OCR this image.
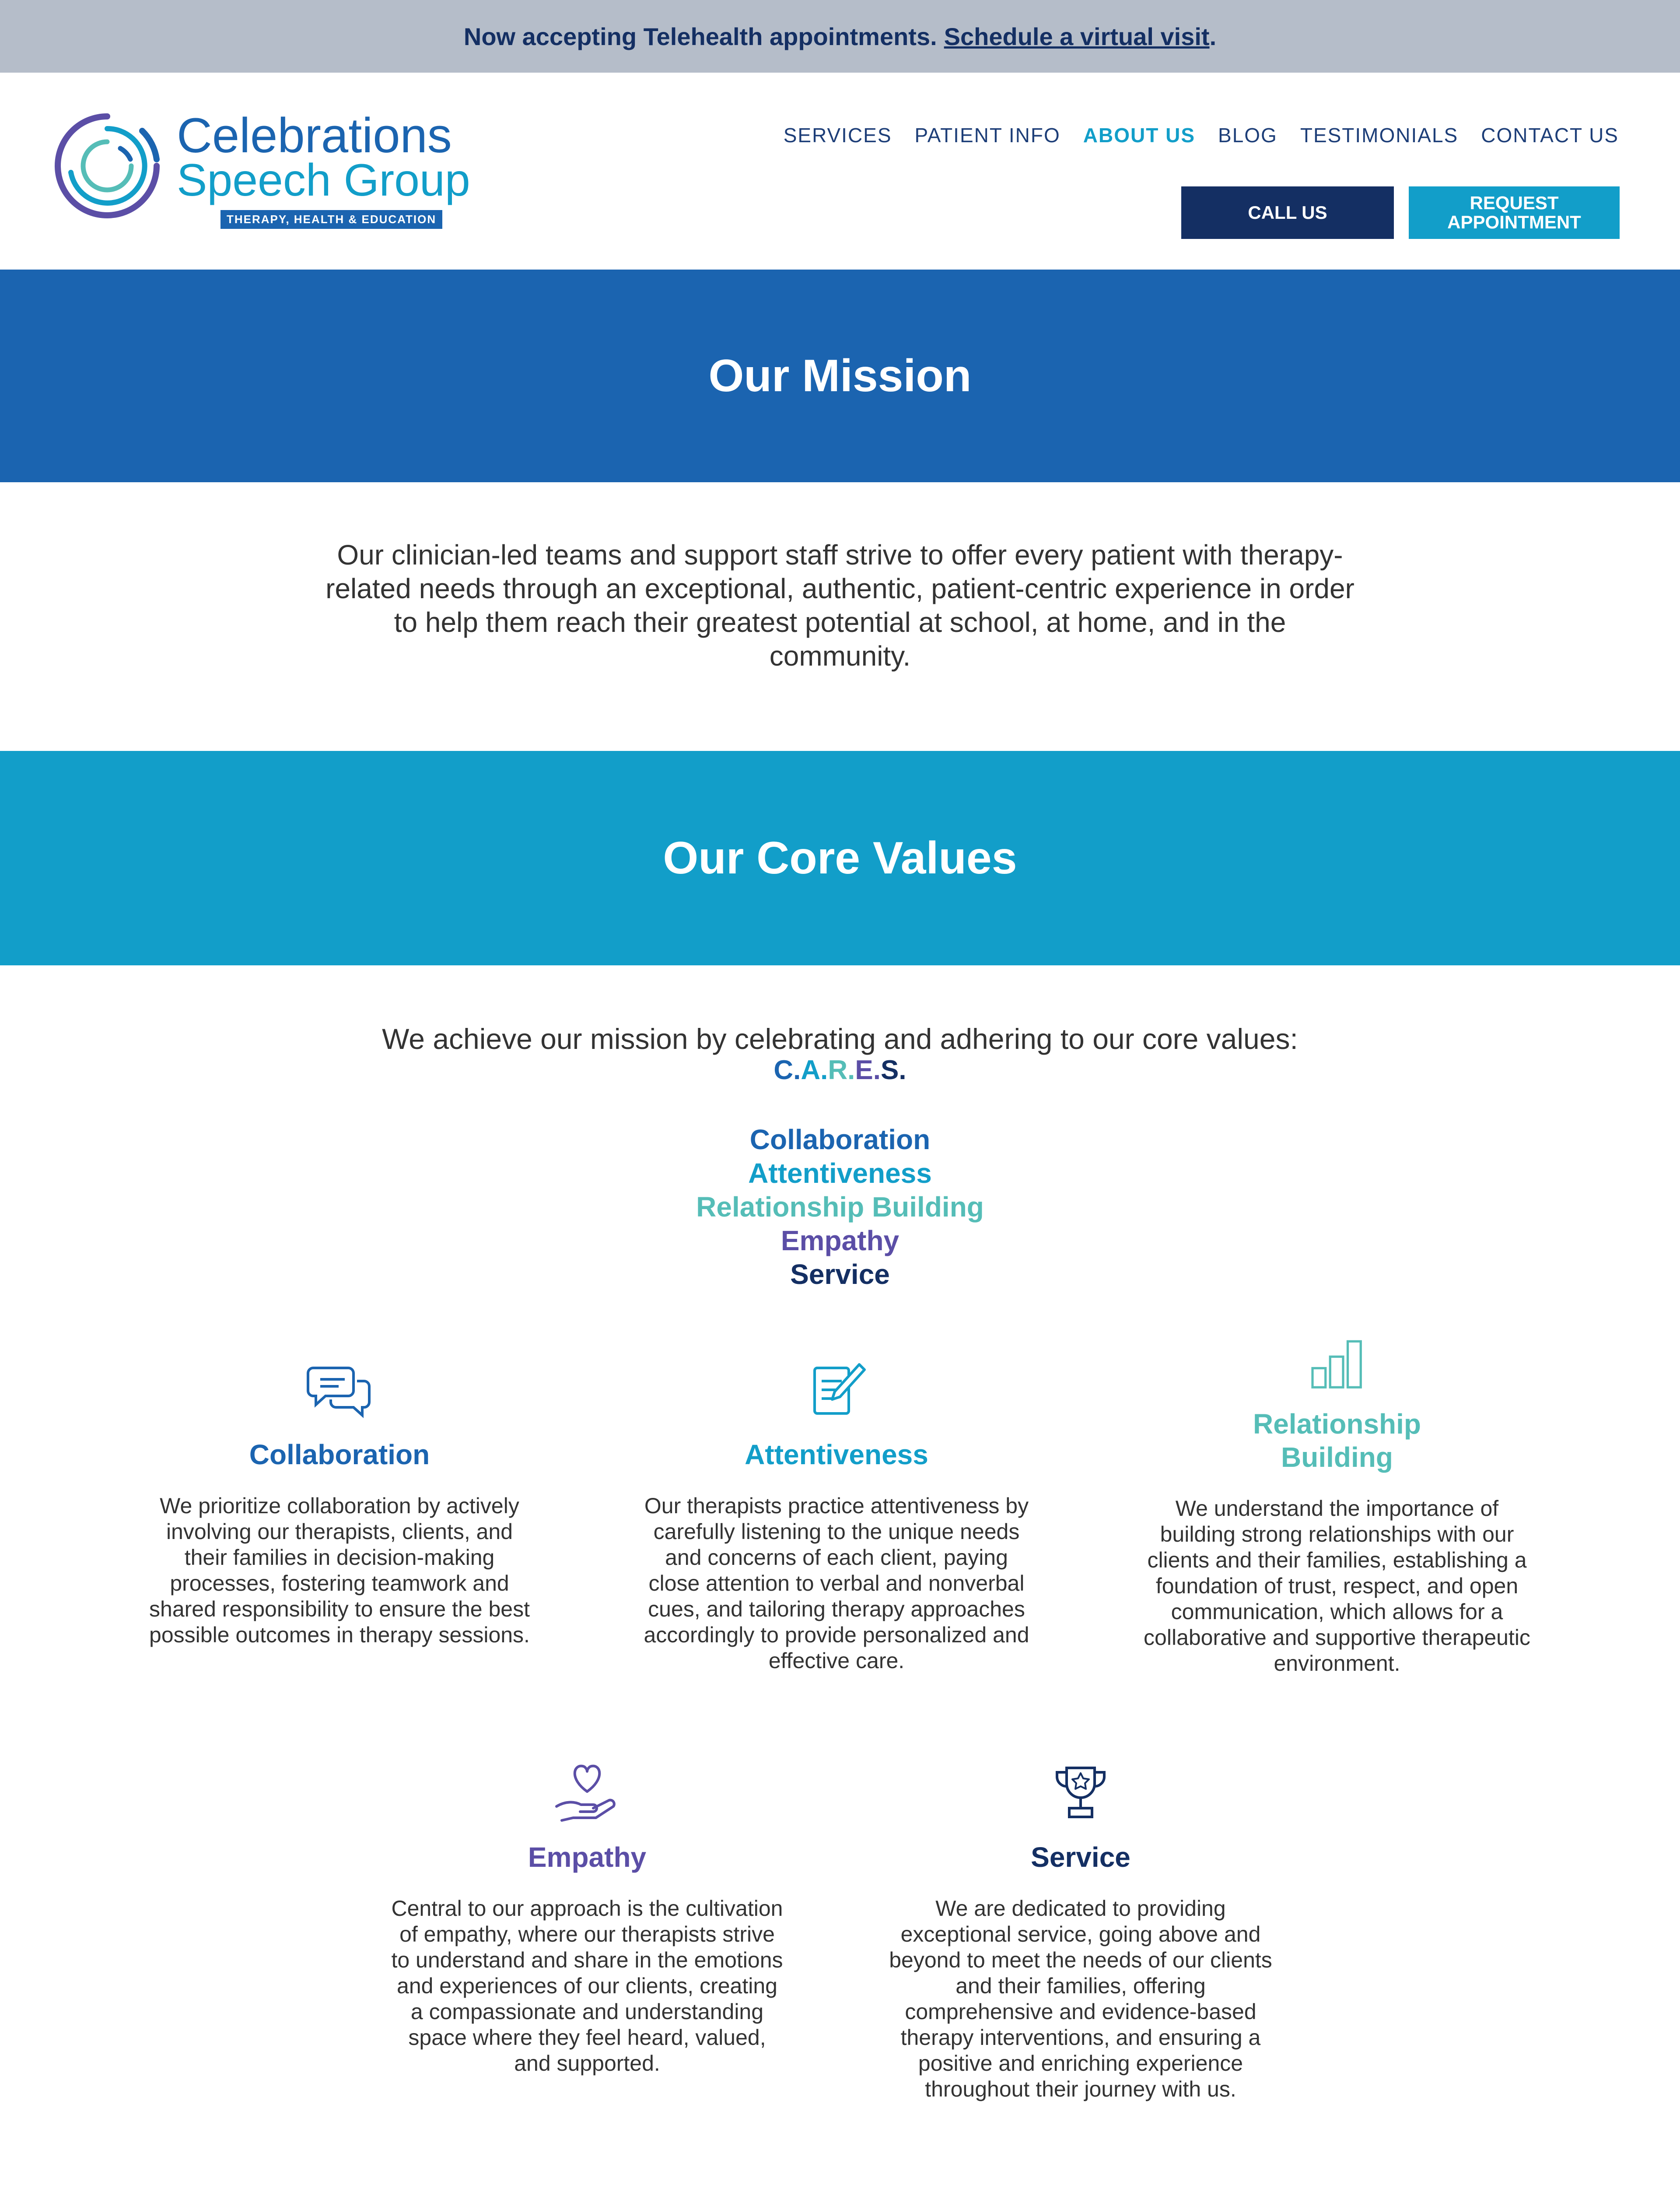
Now accepting Telehealth appointments. Schedule a virtual visit .
Celebrations
Speech Group
THERAPY, HEALTH & EDUCATION
SERVICES PATIENT INFO ABOUT US BLOG TESTIMONIALS CONTACT US
CALL US	REQUEST APPOINTMENT
Our Mission

Our clinician-led teams and support staff strive to offer every patient with therapy-related needs through an exceptional, authentic, patient-centric experience in order to help them reach their greatest potential at school, at home, and in the community.

Our Core Values

We achieve our mission by celebrating and adhering to our core values:

C.A.R.E.S.

Collaboration
Attentiveness
Relationship Building
Empathy
Service
Collaboration
We prioritize collaboration by actively involving our therapists, clients, and their families in decision-making processes, fostering teamwork and shared responsibility to ensure the best possible outcomes in therapy sessions.
Attentiveness
Our therapists practice attentiveness by carefully listening to the unique needs and concerns of each client, paying close attention to verbal and nonverbal cues, and tailoring therapy approaches accordingly to provide personalized and effective care.
Relationship Building
We understand the importance of building strong relationships with our clients and their families, establishing a foundation of trust, respect, and open communication, which allows for a collaborative and supportive therapeutic environment.
Empathy
Central to our approach is the cultivation of empathy, where our therapists strive to understand and share in the emotions and experiences of our clients, creating a compassionate and understanding space where they feel heard, valued, and supported.
Service
We are dedicated to providing exceptional service, going above and beyond to meet the needs of our clients and their families, offering comprehensive and evidence-based therapy interventions, and ensuring a positive and enriching experience throughout their journey with us.
